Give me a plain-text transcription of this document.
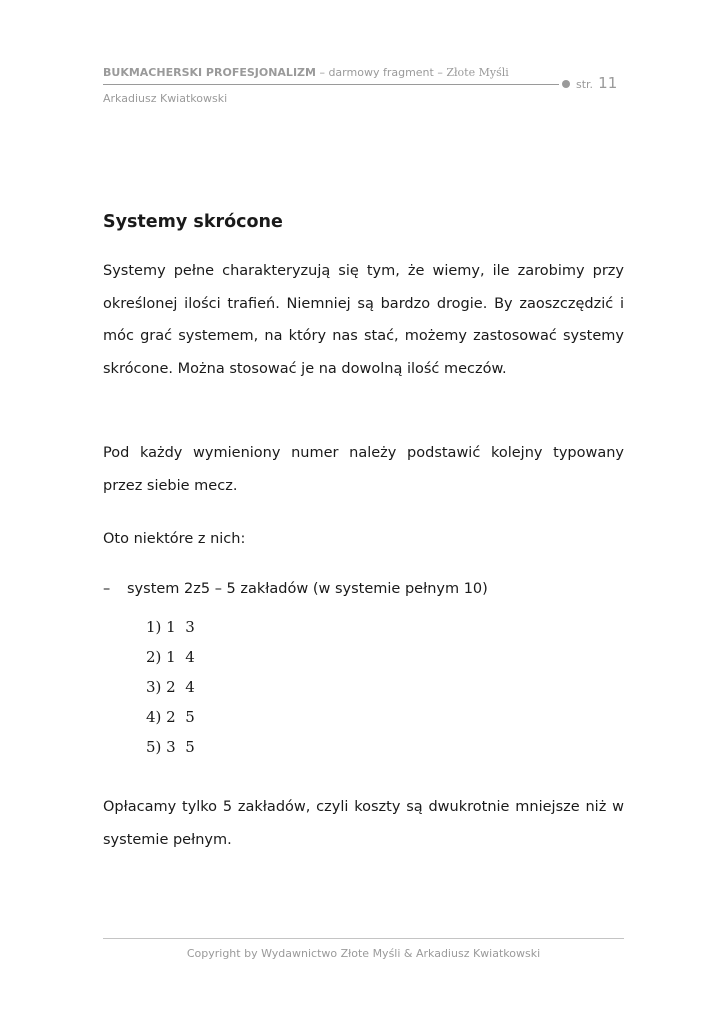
BUKMACHERSKI PROFESJONALIZM – darmowy fragment – Złote Myśli
str. 11
Arkadiusz Kwiatkowski
Systemy skrócone

Systemy pełne charakteryzują się tym, że wiemy, ile zarobimy przy określonej ilości trafień. Niemniej są bardzo drogie. By zaoszczędzić i móc grać systemem, na który nas stać, możemy zastosować systemy skrócone. Można stosować je na dowolną ilość meczów.

Pod każdy wymieniony numer należy podstawić kolejny typowany przez siebie mecz.

Oto niektóre z nich:

– system 2z5 – 5 zakładów (w systemie pełnym 10)
1) 1  3
2) 1  4
3) 2  4
4) 2  5
5) 3  5

Opłacamy tylko 5 zakładów, czyli koszty są dwukrotnie mniejsze niż w systemie pełnym.

Copyright by Wydawnictwo Złote Myśli & Arkadiusz Kwiatkowski
